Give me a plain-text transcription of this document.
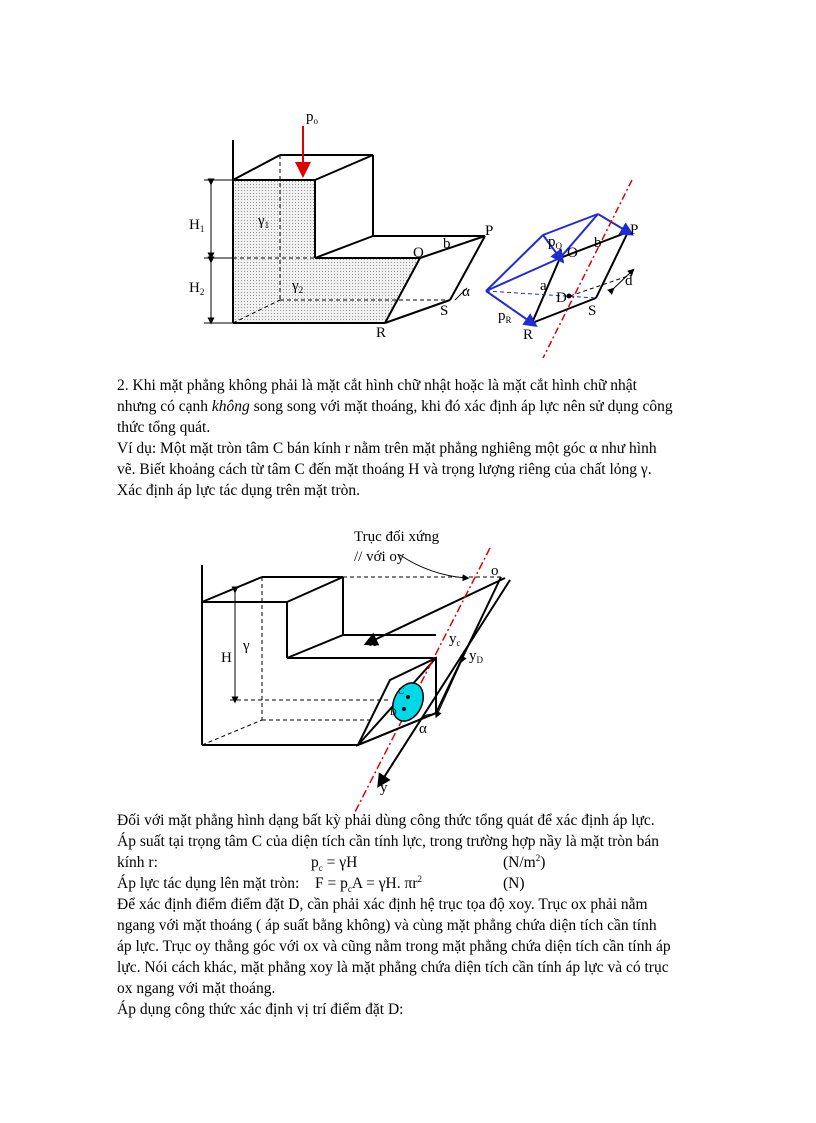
$p_o$
$H_1$
$H_2$
$\gamma_1$
$\gamma_2$
O
b
P
α
S
R
$p_Q$ O
b
P
a
D
d
S
$p_R$
R
2. Khi mặt phẳng không phải là mặt cắt hình chữ nhật hoặc là mặt cắt hình chữ nhật
nhưng có cạnh không song song với mặt thoáng, khi đó xác định áp lực nên sử dụng công
thức tổng quát.
Ví dụ: Một mặt tròn tâm C bán kính r nằm trên mặt phẳng nghiêng một góc α như hình
vẽ. Biết khoảng cách từ tâm C đến mặt thoáng H và trọng lượng riêng của chất lỏng γ.
Xác định áp lực tác dụng trên mặt tròn.
H
γ
Trục đối xứng
// với oy
o
x	$y_c$
$y_D$
α
y
C
D
Đối với mặt phẳng hình dạng bất kỳ phải dùng công thức tổng quát để xác định áp lực.
Áp suất tại trọng tâm C của diện tích cần tính lực, trong trường hợp nầy là mặt tròn bán
kính r:	$p_c = \gamma H$	$(N/m^2)$
Áp lực tác dụng lên mặt tròn: $F = p_cA = \gamma H$. $\pi r^2$	(N)
Để xác định điểm điểm đặt D, cần phải xác định hệ trục tọa độ xoy. Trục ox phải nằm
ngang với mặt thoáng ( áp suất bằng không) và cùng mặt phẳng chứa diện tích cần tính
áp lực. Trục oy thẳng góc với ox và cũng nằm trong mặt phẳng chứa diện tích cần tính áp
lực. Nói cách khác, mặt phẳng xoy là mặt phẳng chứa diện tích cần tính áp lực và có trục
ox ngang với mặt thoáng.
Áp dụng công thức xác định vị trí điểm đặt D:
